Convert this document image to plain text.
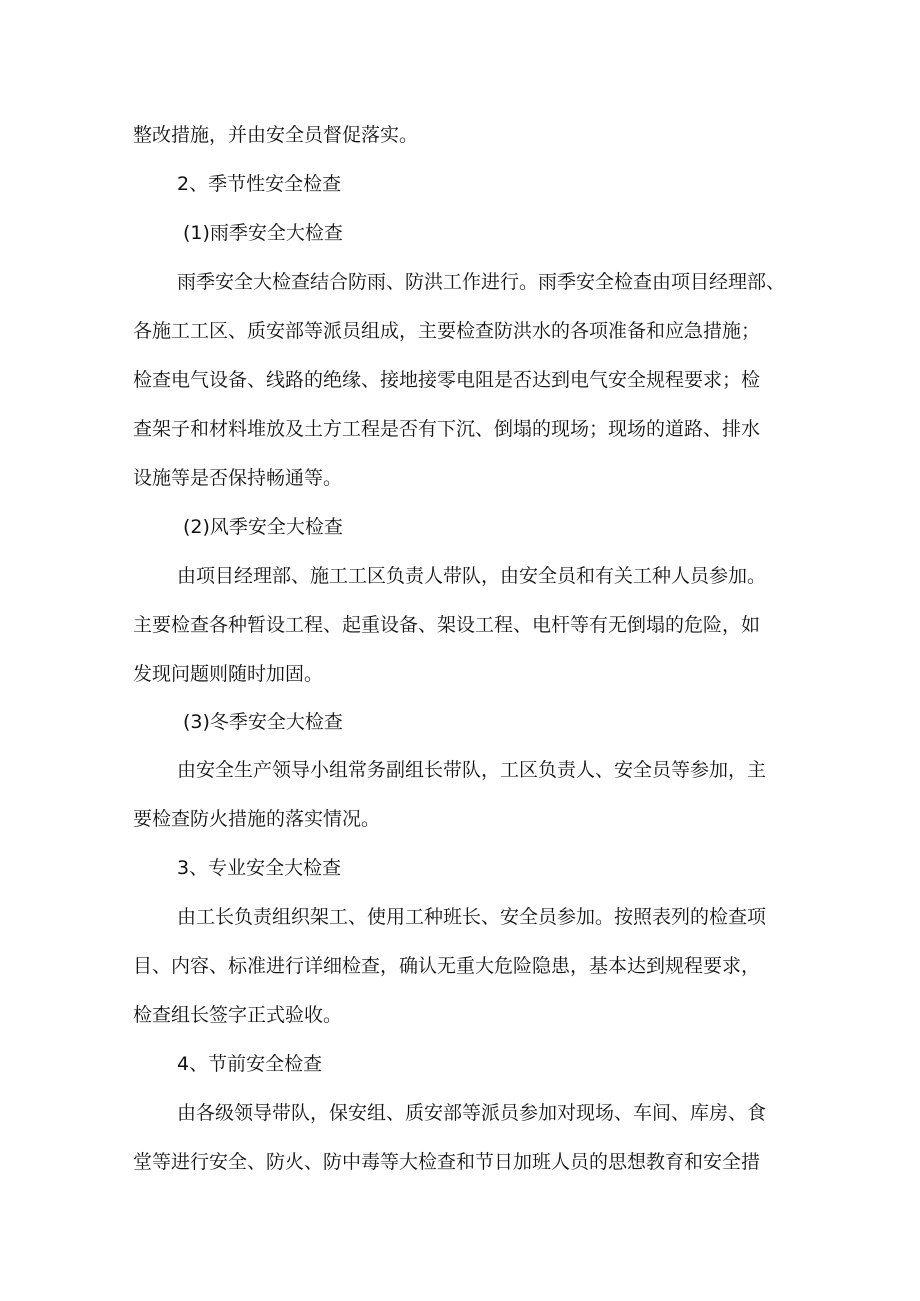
整改措施，并由安全员督促落实。
2、季节性安全检查
(1)雨季安全大检查
雨季安全大检查结合防雨、防洪工作进行。雨季安全检查由项目经理部、
各施工工区、质安部等派员组成，主要检查防洪水的各项准备和应急措施；
检查电气设备、线路的绝缘、接地接零电阻是否达到电气安全规程要求；检
查架子和材料堆放及土方工程是否有下沉、倒塌的现场；现场的道路、排水
设施等是否保持畅通等。
(2)风季安全大检查
由项目经理部、施工工区负责人带队，由安全员和有关工种人员参加。
主要检查各种暂设工程、起重设备、架设工程、电杆等有无倒塌的危险，如
发现问题则随时加固。
(3)冬季安全大检查
由安全生产领导小组常务副组长带队，工区负责人、安全员等参加，主
要检查防火措施的落实情况。
3、专业安全大检查
由工长负责组织架工、使用工种班长、安全员参加。按照表列的检查项
目、内容、标准进行详细检查，确认无重大危险隐患，基本达到规程要求，
检查组长签字正式验收。
4、节前安全检查
由各级领导带队，保安组、质安部等派员参加对现场、车间、库房、食
堂等进行安全、防火、防中毒等大检查和节日加班人员的思想教育和安全措
